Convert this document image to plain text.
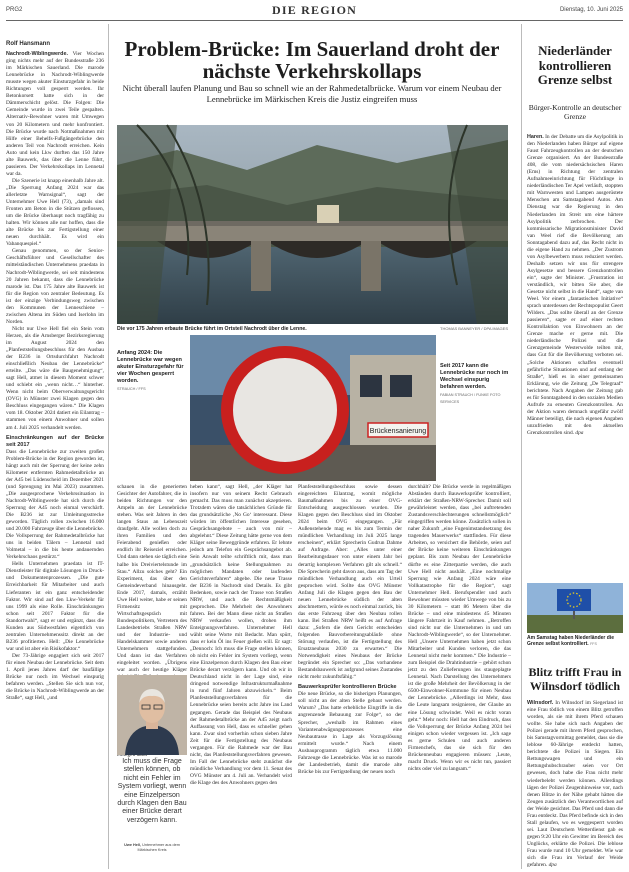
PRG2	DIE REGION	Dienstag, 10. Juni 2025
Rolf Hansmann

Nachrodt-Wiblingwerde. Vier Wochen ging nichts mehr auf der Bundesstraße 236 im Märkischen Sauerland. Die marode Lennebrücke in Nachrodt-Wiblingwerde musste wegen akuter Einsturzgefahr in beide Richtungen voll gesperrt werden. Ihr Betonkorsett hatte sich in der Dämmerschicht gelöst. Die Folgen: Die Gemeinde wurde in zwei Teile gespalten. Alternativ-Bewohner waren mit Umwegen von 20 Kilometern und mehr konfrontiert. Die Brücke wurde nach Notmaßnahmen mit Hilfe einer Behelfs-Fußgängerbrücke den anderen Teil von Nachrodt erreichen. Kein Auto und kein Lkw durften das 150 Jahre alte Bauwerk, das über die Lenne führt, passieren. Der Verkehrskollaps im Lennetal war da.

Die Szenerie ist knapp einenhalb Jahre alt. „Die Sperrung Anfang 2024 war das allerletzte Warnsignal“, sagt der Unternehmer Uwe Hell (73), „damals sind Fronten am Beton in die Stützen geflossen, um die Brücke überhaupt noch tragfähig zu halten. Wir können alle nur hoffen, dass die alte Brücke bis zur Fertigstellung einer neuen durchhält. Es wird ein Vabanquespiel.“

Genau genommen, so der Senior-Geschäftsführer und Gesellschafter des mittelständischen Unternehmens praedata in Nachrodt-Wiblingwerde, sei seit mindestens 20 Jahren bekannt, dass die Lennebrücke marode ist. Das 175 Jahre alte Bauwerk ist für die Region von zentraler Bedeutung. Es ist der einzige Verbindungsweg zwischen den Kommunen der Lenneschiene – zwischen Altena im Süden und Iserlohn im Norden.

Nicht nur Uwe Hell fiel ein Stein vom Herzen, als die Arnsberger Bezirksregierung im August 2024 den „Planfeststellungsbeschluss für den Ausbau der B236 in Ortsdurchfahrt Nachrodt einschließlich Neubau der Lennebrücke“ erteilte. „Das wäre die Baugenehmigung“, sagt Hell, atmet in diesem Moment schwer und schiebt ein „wenn nicht…“ hinterher. Wenn nicht beim Oberverwaltungsgericht (OVG) in Münster zwei Klagen gegen den Beschluss eingegangen wären.“ Die Klagen vom 18. Oktober 2024 datiert ein Eilantrag – stammen von einem Anwohner und sollen am 4. Juli 2025 verhandelt werden.

Einschränkungen auf der Brücke seit 2017

Dass die Lennebrücke zur zweiten großen Problem-Brücke in der Region geworden ist, hängt auch mit der Sperrung der keine zehn Kilometer entfernten Rahmedetalbrücke an der A45 bei Lüdenscheid im Dezember 2021 (und Sprengung im Mai 2023) zusammen. „Die ausgesprochene Verkehrssituation in Nachrodt-Wiblingwerde hat sich durch die Sperrung der A45 noch einmal verschärft. Die B236 ist zur Umleitungsstrecke geworden. Täglich rollen zwischen 16.000 und 20.000 Fahrzeuge über die Lennebrücke. Die Vollsperrung der Rahmedetalbrücke hat uns in beiden Tälern – Lennetal und Volmetal – in die bis heute andauernden Verkehrschaos gestürzt.“

Hells Unternehmen praedata ist IT-Dienstleister für digitale Lösungen in Druck- und Dokumentenprozessen. „Die gute Erreichbarkeit für Mitarbeiter und auch Lieferanten ist ein ganz entscheidender Faktor. Wir sind auf den Lkw-Verkehr für uns 1999 als eine Rolle. Einschränkungen schon seit 2017 Faktor für die Standortwahl“, sagt er und ergänzt, dass die Kunden aus Südwestfalen eigentlich von zentralen Unternehmenssitz direkt an der B236 profitierten. Hell: „Die Lennebrücke war und ist aber ein Risikofaktor.“

Der 73-Jährige engagiert sich seit 2017 für einen Neubau der Lennebrücke. Seit dem 1. April jenes Jahres darf der baufällige Brücke nur noch im Wechsel einspurig befahren werden. „Stellen Sie sich nun vor, die Brücke in Nachrodt-Wiblingwerde an der Straße“, sagt Hell, „und

Problem-Brücke: Im Sauerland droht der nächste Verkehrskollaps
Nicht überall laufen Planung und Bau so schnell wie an der Rahmedetalbrücke. Warum vor einem Neubau der Lennebrücke im Märkischen Kreis die Justiz eingreifen muss
Die vor 175 Jahren erbaute Brücke führt im Ortsteil Nachrodt über die Lenne.	THOMAS BANNEYER / DPA IMAGES
Anfang 2024: Die Lennebrücke war wegen akuter Einsturzgefahr für vier Wochen gesperrt worden.
STRAUCH / FFS
Brückensanierung
Seit 2017 kann die Lennebrücke nur noch im Wechsel einspurig befahren werden.
FABIAN STRAUCH / FUNKE FOTO SERVICES

schauen in die generierten Gesichter der Autofahrer, die in beiden Richtungen vor den Ampeln an der Lennebrücke stehen. Was seit Jahren in den langen Staus an Lebenszeit draufgeht. Alle wollen doch zu ihren Familien und den Feierabend genießen oder endlich ihr Reiseziel erreichen. Und dann stehen sie täglich eine halbe bis Dreiviertelstunde im Stau.“ Allzu solches geht? Ein Experiment, das über den Gemeindeverband hinausgeht. Ende 2017, damals, erzählt Uwe Hell weiter, habe er seinen Firmensitz mit Wirtschaftsgespräch mit Bundespolitikern, Vertretern des Landesbetriebs Straßen NRW und der Industrie- und Handelskammer sowie anderen Unternehmern stattgefunden. Und dann ist das Verfahren eingeleitet worden. „Übrigens war auch der heutige Kläger

Ich muss die Frage stellen können, ob nicht ein Fehler im System vorliegt, wenn eine Einzelperson durch Klagen den Bau einer Brücke derart verzögern kann.
Uwe Hell, Unternehmer aus dem Märkischen Kreis

heben kann“, sagt Hell, „der Kläger hat insofern nur von seinem Recht Gebrauch gemacht. Das muss man zunächst akzeptieren. Trotzdem wären die tatsächlichen Gründe für das grundsätzliche ‚No Go‘ interessant. Diese würden im öffentlichen Interesse gesehen, Gesprächsangebote – auch von mir – abgelehnt.“ Diese Zeitung hätte gerne von dem Kläger seine Beweggründe erfahren. Er lehnte jedoch am Telefon ein Gesprächsangebot ab. Sein Anwalt teilte schriftlich mit, dass man „grundsätzlich keine Stellungnahmen zu möglichen Mandaten oder laufenden Gerichtsverfahren“ abgebe. Die neue Trasse der B236 in Nachrodt sind Details. Es gibt Bedenken, sowie nach der Trasse von Straßen NRW, und auch die Rechtsmäßigkeit gesprochen. Die Mehrheit des Anwohners fahren. Bei der Mann diese nicht an Straßen NRW verkaufen wollen, drohen ihm Enteignungsverfahren. Unternehmer Hell wählt seine Worte mit Bedacht. Man spürt, dass er kein Öl ins Feuer gießen will. Er sagt: „Dennoch: Ich muss die Frage stellen können, ob nicht ein Fehler im System vorliegt, wenn eine Einzelperson durch Klagen den Bau einer Brücke derart verzögern kann. Und ob wir in Deutschland nicht in der Lage sind, eine dringend notwendige Infrastrukturmaßnahme in rund fünf Jahren abzuwickeln.“ Beim Planfeststellungsverfahren für die Lennebrücke seien bereits acht Jahre ins Land gegangen. Gerade das Beispiel des Neubaus der Rahmedetalbrücke an der A45 zeigt nach Auffassung von Hell, dass es schneller gehen kann. Zwar sind vorherhin schon sieben Jahre Zeit für die Fertigstellung des Neubaus vergangen. Für die Rahmede war der Bau nicht, das Planfeststellungsverfahren gewesen. Im Fall der Lennebrücke steht zunächst die mündliche Verhandlung vor dem 11. Senat des OVG Münster am 4. Juli an. Verhandelt wird die Klage des des Anwohners gegen den

Planfeststellungsbeschluss sowie dessen eingereichten Eilantrag, womit mögliche Baumaßnahmen bis zu einer OVG-Entscheidung ausgeschlossen wurden. Die Klagen gegen den Beschluss sind im Oktober 2024 beim OVG eingegangen. „Für Außenstehende mag es bis zum Termin der mündlichen Verhandlung im Juli 2025 lange erscheinen“, erklärt Sprecherin Gudrun Dahme auf Anfrage. Aber: „Alles unter einer Bearbeitungsdauer von unter einem Jahr bei derartig komplexen Verfahren gilt als schnell.“ Die Sprecherin geht davon aus, dass am Tag der mündlichen Verhandlung auch ein Urteil gesprochen wird. Sollte das OVG Münster Anfang Juli die Klagen gegen den Bau der neuen Lennebrücke südlich der alten abschmettern, würde es noch einmal zurück, bis das erste Fahrzeug über den Neubau rollen kann. Bei Straßen NRW heißt es auf Anfrage dazu: „Sofern die dem Gericht entscheiden folgenden Bauvorbereitungsabläufe ohne Störung verlaufen, ist die Fertigstellung des Ersatzneubaus 2030 zu erwarten.“ Die Notwendigkeit eines Neubaus der Brücke begründet ein Sprecher so: „Das vorhandene Bestandsbauwerk ist aufgrund seines Zustandes nicht mehr zukunftsfähig.“

Bauwerksprüfer kontrollieren Brücke

Die neue Brücke, so die bisherigen Planungen, soll nicht an der alten Stelle gebaut werden. Warum? „Das hatte erhebliche Eingriffe in die angrenzende Bebauung zur Folge“, so der Sprecher, „weshalb im Rahmen eines Variantenabwägungsprozesses eine Neubautrasse in Lage als Vorzugslösung ermittelt wurde.“ Nach einem Ausbauprogramm täglich etwa 11.000 Fahrzeuge die Lennebrücke. Was ist so marode der Landesbetrieb, damit die marode alte Brücke bis zur Fertigstellung der neuen noch

durchhält? Die Brücke werde in regelmäßigen Abständen durch Bauwerksprüfer kontrolliert, erklärt der Straßen-NRW-Sprecher. Damit soll gewährleistet werden, dass „bei auftretenden Zustandsverschlechterungen schnellstmöglich“ eingegriffen werden könne. Zusätzlich sollen in naher Zukunft „eine Fugenimstandsetzung des tragenden Mauerwerks“ stattfinden. Für diese Arbeiten, so versichert die Behörde, seien auf der Brücke keine weiteren Einschränkungen geplant. Bis zum Neubau der Lennebrücke dürfte es eine Zitterpartie werden, die auch Uwe Hell nicht aushält. „Eine nochmalige Sperrung wie Anfang 2024 wäre eine Vollkatastrophe für die Region“, sagt Unternehmer Hell. Berufspendler und auch Bewohner müssten wieder Umwege von bis zu 30 Kilometern – statt 86 Metern über die Brücke – und eine mindestens 45 Minuten längere Fahrtzeit in Kauf nehmen. „Betroffen sind nicht nur die Unternehmen in und um Nachrodt-Wiblingwerde“, so der Unternehmer. Hell „Unsere Unternehmen haben jetzt schon Mitarbeiter und Kunden verloren, die das Lennetal nicht mehr kommen.“ Die Industrie –zum Beispiel die Drahtindustrie – gehört schon jetzt zu den Zulieferungen ins staugeplagte Lennetal. Nach Darstellung des Unternehmers ist die große Mehrheit der Bevölkerung in der 6500-Einwohner-Kommune für einen Neubau der Lennebrücke. „Allerdings ist Mehr, dass die Leute langsam resignieren, der Glaube an eine Lösung schwindet. Weil es nicht voran geht.“ Mehr noch: Hell hat den Eindruck, dass die Vollsperrung der Brücke Anfang 2024 bei einigen schon wieder vergessen ist. „Ich sage es gerne Schulen und auch anderen Firmenchefs, das sie sich für den Brückenneubau engagieren müssen: ‚Leute, macht Druck. Wenn wir es nicht tun, passiert nichts oder viel zu langsam.“

Niederländer kontrollieren Grenze selbst
Bürger-Kontrolle an deutscher Grenze

Haren. In der Debatte um die Asylpolitik in den Niederlanden haben Bürger auf eigene Faust Fahrzeugkontrollen an der deutschen Grenze organisiert. An der Bundesstraße 408, die vom niedersächsischen Haren (Ems) in Richtung der zentralen Aufnahmeeinrichtung für Flüchtlinge in niederländischen Ter Apel verläuft, stoppten mit Warnwesten und Lampen ausgerüstete Menschen am Samstagabend Autos. Am Dienstag war die Regierung in den Niederlanden im Streit um eine härtere Asylpolitik zerbrochen. Der kommissarische Migrationsminister David van Weel rief die Bevölkerung am Sonntagabend dazu auf, das Recht nicht in die eigene Hand zu nehmen. „Der Zustrom von Asylbewerbern muss reduziert werden. Deshalb setzen wir uns für strengere Asylgesetze und bessere Grenzkontrollen ein“, sagte der Minister. „Frustration ist verständlich, wir bitten Sie aber, die Gesetze nicht selbst in die Hand“, sagte van Weel. Vor einem „fantastischen Initiative“ sprach unterdessen der Rechtspopulist Geert Wilders. „Das sollte überall an der Grenze passieren“, sagte er auf einer rechten Kontrollaktion von Einwohnern an der Grenze mache er gerne mit. Die niederländische Polizei und die Grenzgemeinde Westerwolde teilten mit, dass Gut für die Bevölkerung verboten sei. „Solche Aktionen schaffen eventuell gefährliche Situationen und auf entlang der Straße“, hieß es in einer gemeinsamen Erklärung, wie die Zeitung „De Telegraaf“ berichtete. Nach Angaben der Zeitung gab es für Sonntagabend in den sozialen Medien Aufrufe zu erneuten Grenzkontrollen. An der Aktion waren demnach ungefähr zwölf Männer beteiligt, die nach eigenen Angaben unzufrieden mit den aktuellen Grenzkontrollen sind. dpa

Am Samstag haben Niederländer die Grenze selbst kontrolliert. FFS
Blitz trifft Frau in Wilnsdorf tödlich

Wilnsdorf. In Wilnsdorf im Siegerland ist eine Frau tödlich von einem Blitz getroffen worden, als sie mit ihrem Pferd schauen wollte. Sie habe sich nach Angaben der Polizei gerade mit ihrem Pferd gesprochen, bis Samstagvormittag gemeldet, dass sie die leblose 60-Jährige entdeckt hatten, berichtete die Polizei in Siegen. Ein Rettungswagen und ein Rettungshubschrauber seien vor Ort gewesen, doch habe die Frau nicht mehr wiederbelebt werden können. Allerdings lägen der Polizei Zeugenhinweise vor, nach denen Blitze in der Nähe gehabt hätten die Zeugen zusätzlich den Verantwortlichen auf der Weide gesichtet. Das Pferd und dann die Frau entdeckt. Das Pferd befinde sich in den Stall gelaufen, wo es weggesperrt worden sei. Laut Deutschem Wetterdienst gab es gegen 9:20 Uhr ein Gewitter im Bereich des Unglücks, erklärte die Polizei. Die leblose Frau wurde rund 10 Uhr gemeldet. Wie war sich die Frau im Verlauf der Weide gefahren. dpa
